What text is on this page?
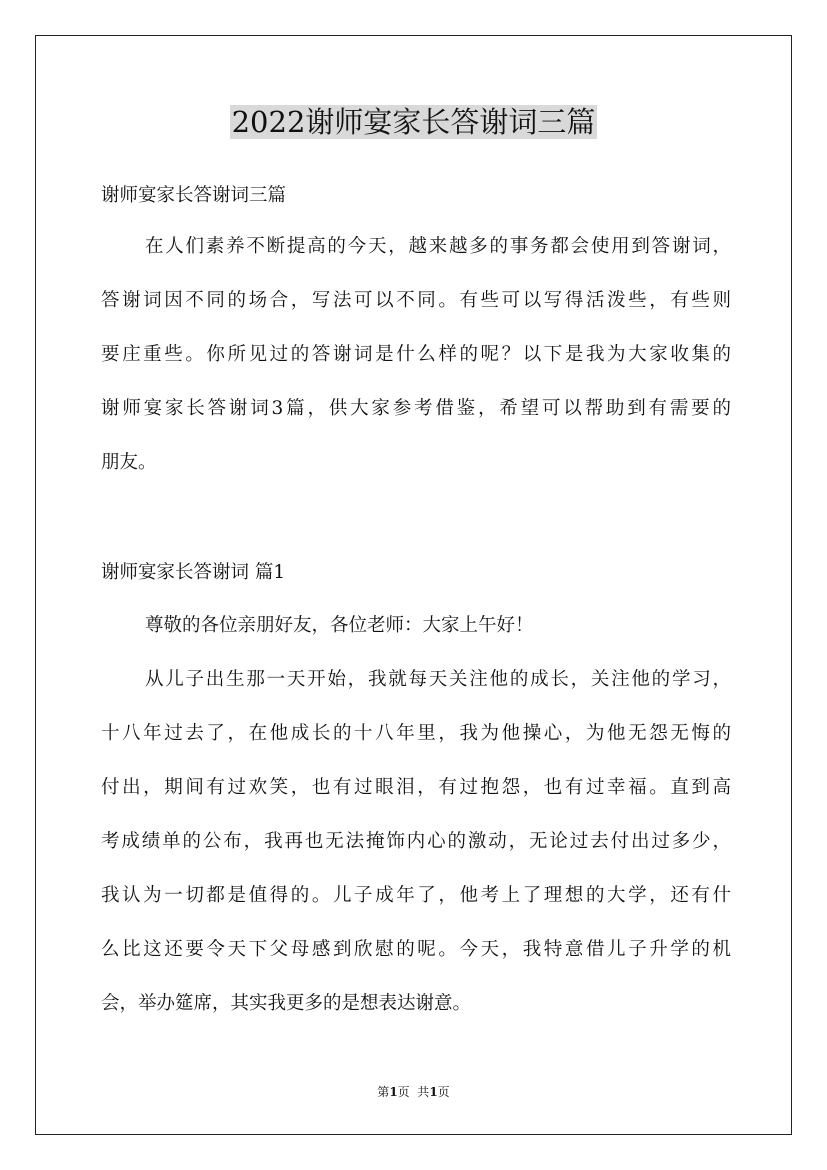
2022谢师宴家长答谢词三篇

谢师宴家长答谢词三篇

在人们素养不断提高的今天，越来越多的事务都会使用到答谢词，

答谢词因不同的场合，写法可以不同。有些可以写得活泼些，有些则

要庄重些。你所见过的答谢词是什么样的呢？以下是我为大家收集的

谢师宴家长答谢词3篇，供大家参考借鉴，希望可以帮助到有需要的

朋友。

谢师宴家长答谢词 篇1

尊敬的各位亲朋好友，各位老师：大家上午好！

从儿子出生那一天开始，我就每天关注他的成长，关注他的学习，

十八年过去了，在他成长的十八年里，我为他操心，为他无怨无悔的

付出，期间有过欢笑，也有过眼泪，有过抱怨，也有过幸福。直到高

考成绩单的公布，我再也无法掩饰内心的激动，无论过去付出过多少，

我认为一切都是值得的。儿子成年了，他考上了理想的大学，还有什

么比这还要令天下父母感到欣慰的呢。今天，我特意借儿子升学的机

会，举办筵席，其实我更多的是想表达谢意。

第1页  共1页
